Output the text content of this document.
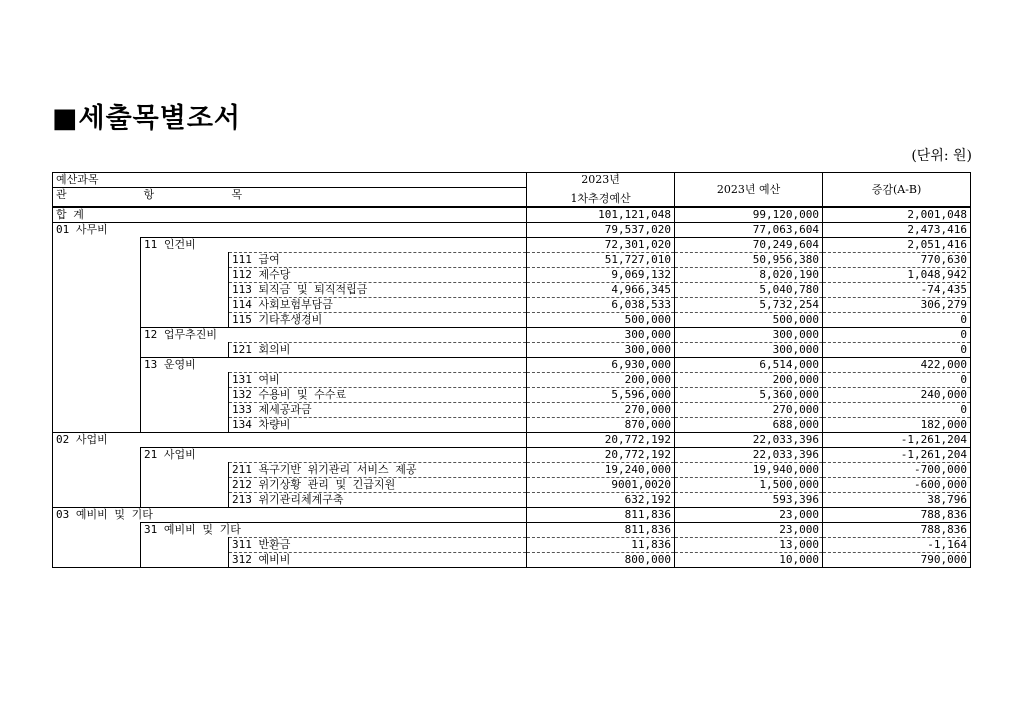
■세출목별조서
(단위: 원)
예산과목			2023년	2023년 예산	증감(A-B)
관	항	목	1차추경예산		

합 계			101,121,048	99,120,000	2,001,048
01 사무비			79,537,020	77,063,604	2,473,416
	11 인건비		72,301,020	70,249,604	2,051,416
		111 급여	51,727,010	50,956,380	770,630
		112 제수당	9,069,132	8,020,190	1,048,942
		113 퇴직금 및 퇴직적립금	4,966,345	5,040,780	-74,435
		114 사회보험부담금	6,038,533	5,732,254	306,279
		115 기타후생경비	500,000	500,000	0
	12 업무추진비		300,000	300,000	0
		121 회의비	300,000	300,000	0
	13 운영비		6,930,000	6,514,000	422,000
		131 여비	200,000	200,000	0
		132 수용비 및 수수료	5,596,000	5,360,000	240,000
		133 제세공과금	270,000	270,000	0
		134 차량비	870,000	688,000	182,000
02 사업비			20,772,192	22,033,396	-1,261,204
	21 사업비		20,772,192	22,033,396	-1,261,204
		211 욕구기반 위기관리 서비스 제공	19,240,000	19,940,000	-700,000
		212 위기상황 관리 및 긴급지원	9001,0020	1,500,000	-600,000
		213 위기관리체계구축	632,192	593,396	38,796
03 예비비 및 기타			811,836	23,000	788,836
	31 예비비 및 기타		811,836	23,000	788,836
		311 반환금	11,836	13,000	-1,164
		312 예비비	800,000	10,000	790,000
